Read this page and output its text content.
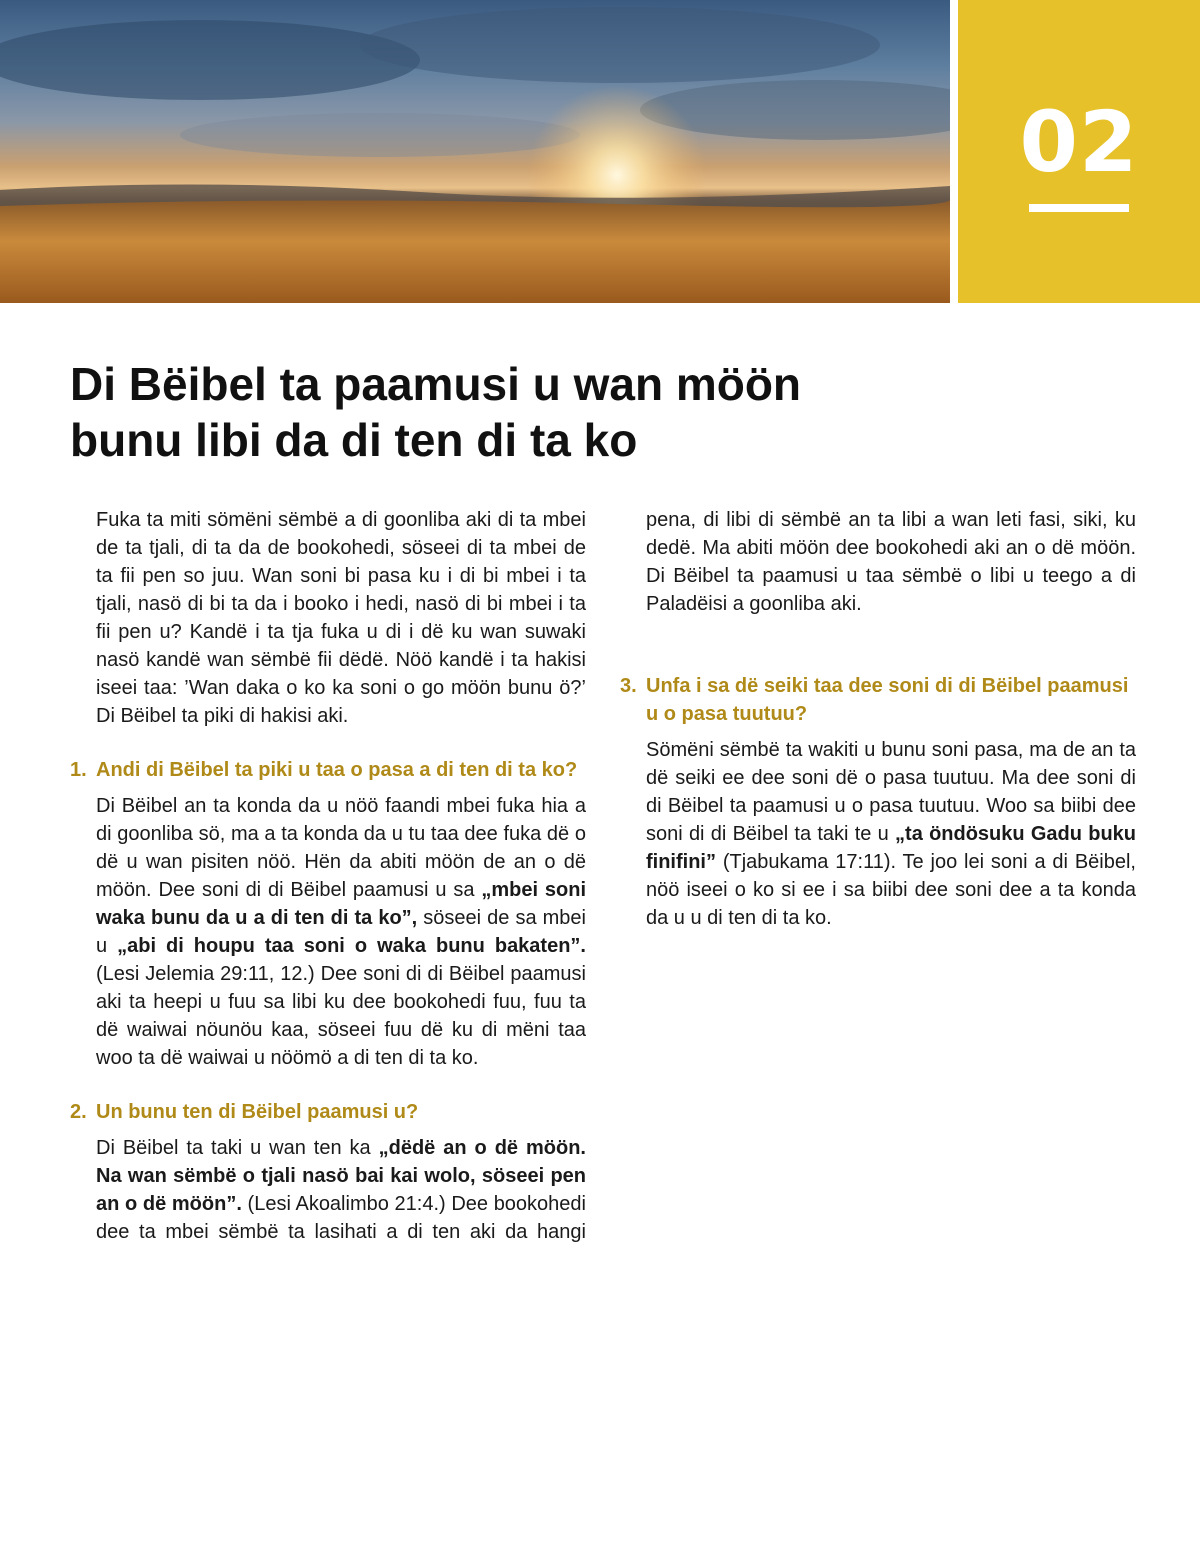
02
Di Bëibel ta paamusi u wan möön
bunu libi da di ten di ta ko

Fuka ta miti sömëni sëmbë a di goonliba aki di ta mbei de ta tjali, di ta da de bookohedi, söseei di ta mbei de ta fii pen so juu. Wan soni bi pasa ku i di bi mbei i ta tjali, nasö di bi ta da i booko i hedi, nasö di bi mbei i ta fii pen u? Kandë i ta tja fuka u di i dë ku wan suwaki nasö kandë wan sëmbë fii dëdë. Nöö kandë i ta hakisi iseei taa: ’Wan daka o ko ka soni o go möön bunu ö?’ Di Bëibel ta piki di hakisi aki.

1. Andi di Bëibel ta piki u taa o pasa a di ten di ta ko?

Di Bëibel an ta konda da u nöö faandi mbei fuka hia a di goonliba sö, ma a ta konda da u tu taa dee fuka dë o dë u wan pisiten nöö. Hën da abiti möön de an o dë möön. Dee soni di di Bëibel paamusi u sa „mbei soni waka bunu da u a di ten di ta ko”, söseei de sa mbei u „abi di houpu taa soni o waka bunu bakaten”. (Lesi Jelemia 29:11, 12.) Dee soni di di Bëibel paamusi aki ta heepi u fuu sa libi ku dee bookohedi fuu, fuu ta dë waiwai nöunöu kaa, söseei fuu dë ku di mëni taa woo ta dë waiwai u nöömö a di ten di ta ko.

2. Un bunu ten di Bëibel paamusi u?

Di Bëibel ta taki u wan ten ka „dëdë an o dë möön. Na wan sëmbë o tjali nasö bai kai wolo, söseei pen an o dë möön”. (Lesi Akoalimbo 21:4.) Dee bookohedi dee ta mbei sëmbë ta lasihati a di ten aki da hangi

pena, di libi di sëmbë an ta libi a wan leti fasi, siki, ku dedë. Ma abiti möön dee bookohedi aki an o dë möön. Di Bëibel ta paamusi u taa sëmbë o libi u teego a di Paladëisi a goonliba aki.

3. Unfa i sa dë seiki taa dee soni di di Bëibel paamusi u o pasa tuutuu?

Sömëni sëmbë ta wakiti u bunu soni pasa, ma de an ta dë seiki ee dee soni dë o pasa tuutuu. Ma dee soni di di Bëibel ta paamusi u o pasa tuutuu. Woo sa biibi dee soni di di Bëibel ta taki te u „ta öndösuku Gadu buku finifini” (Tjabukama 17:11). Te joo lei soni a di Bëibel, nöö iseei o ko si ee i sa biibi dee soni dee a ta konda da u u di ten di ta ko.
